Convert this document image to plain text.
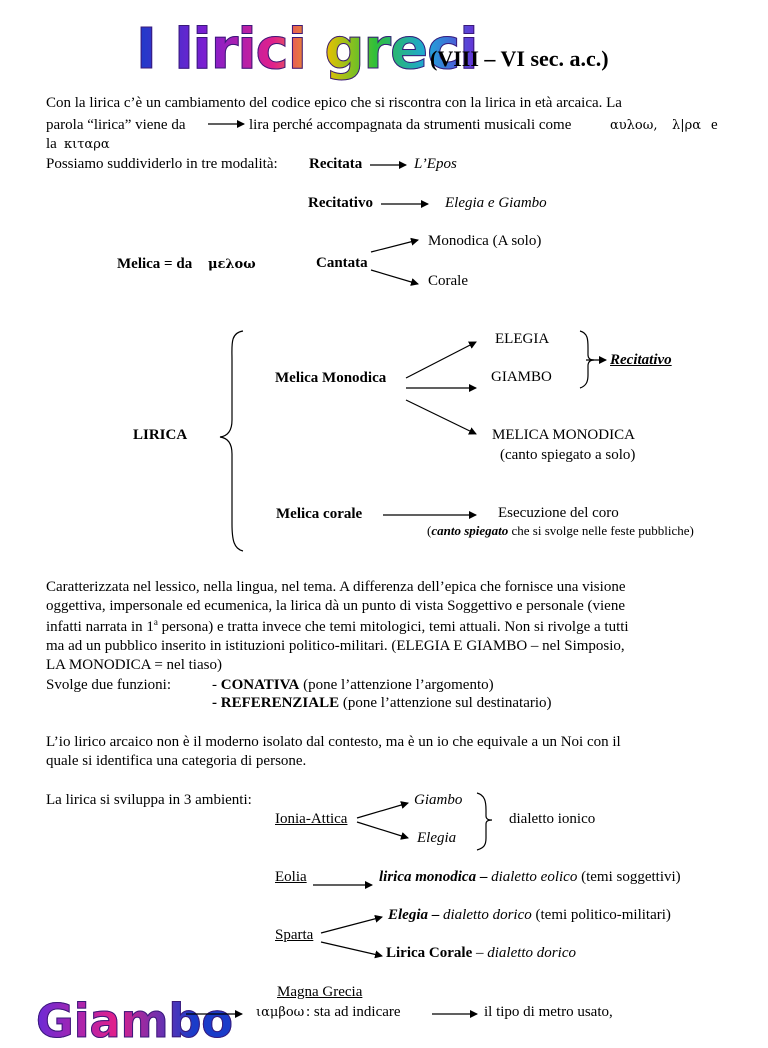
I lirici greci
(VIII – VI sec. a.c.)
Con la lirica c’è un cambiamento del codice epico che si riscontra con la lirica in età arcaica. La
parola “lirica” viene da	lira perché accompagnata da strumenti musicali come	αυλοω, λ|ρα e
la κιταρα
Possiamo suddividerlo in tre modalità: Recitata	L’Epos
Recitativo	Elegia e Giambo
Melica = da μελοω	Cantata
Monodica (A solo)
Corale
LIRICA
Melica Monodica
ELEGIA
GIAMBO
Recitativo
MELICA MONODICA
(canto spiegato a solo)
Melica corale	Esecuzione del coro
(canto spiegato che si svolge nelle feste pubbliche)
Caratterizzata nel lessico, nella lingua, nel tema. A differenza dell’epica che fornisce una visione
oggettiva, impersonale ed ecumenica, la lirica dà un punto di vista Soggettivo e personale (viene
infatti narrata in 1$^a$ persona) e tratta invece che temi mitologici, temi attuali. Non si rivolge a tutti
ma ad un pubblico inserito in istituzioni politico-militari. (ELEGIA E GIAMBO – nel Simposio,
LA MONODICA = nel tiaso)
Svolge due funzioni:	- CONATIVA (pone l’attenzione l’argomento)
- REFERENZIALE (pone l’attenzione sul destinatario)
L’io lirico arcaico non è il moderno isolato dal contesto, ma è un io che equivale a un Noi con il
quale si identifica una categoria di persone.
La lirica si sviluppa in 3 ambienti:
Ionia-Attica
Giambo
Elegia
dialetto ionico
Eolia	lirica monodica – dialetto eolico (temi soggettivi)
Sparta
Elegia – dialetto dorico (temi politico-militari)
Lirica Corale – dialetto dorico
Magna Grecia
Giambo ιαμβοω : sta ad indicare	il tipo di metro usato,
